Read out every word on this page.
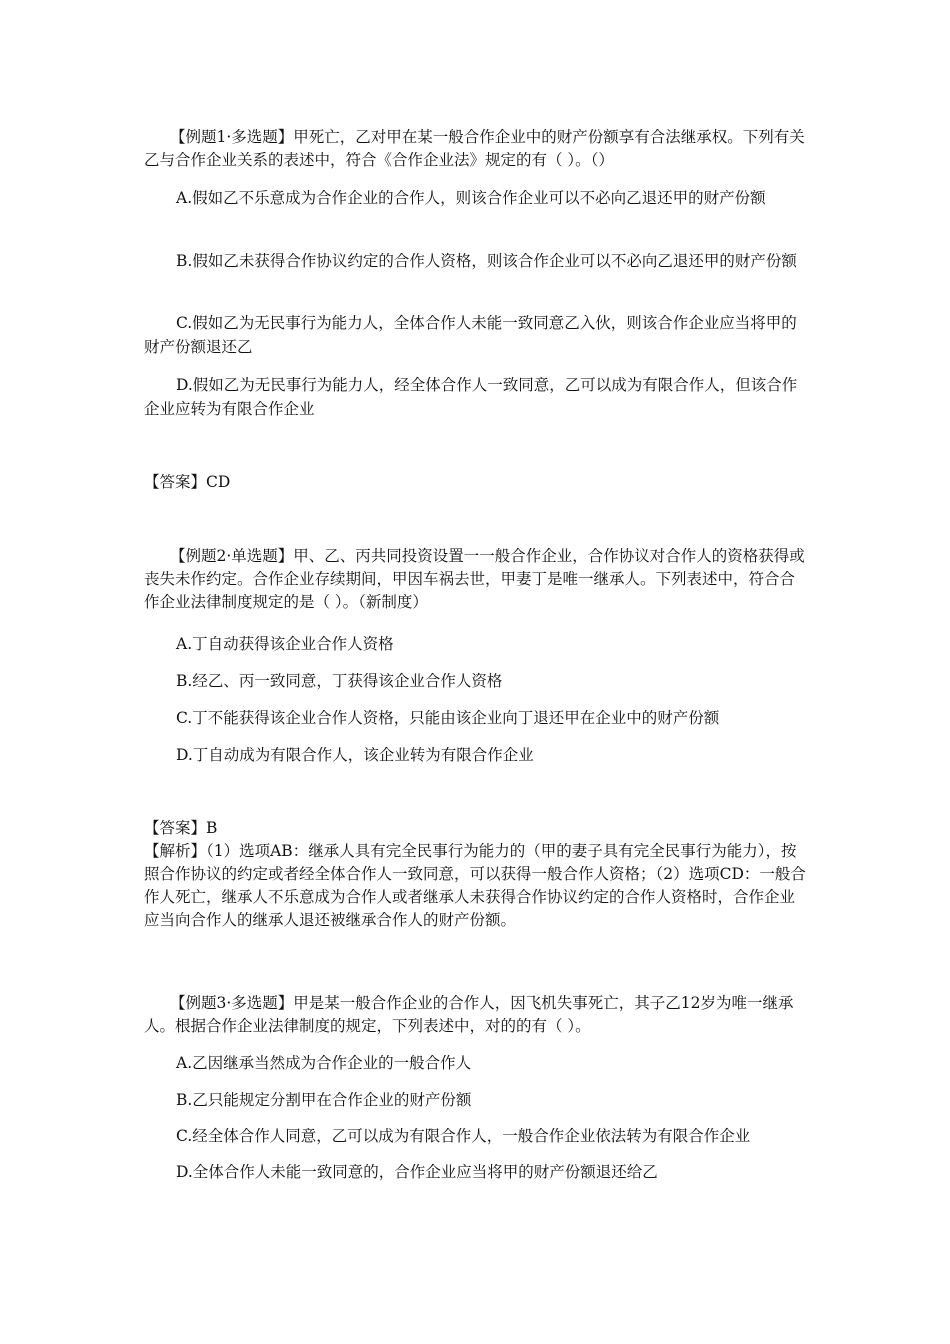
【例题1·多选题】甲死亡，乙对甲在某一般合作企业中的财产份额享有合法继承权。下列有关乙与合作企业关系的表述中，符合《合作企业法》规定的有（ ）。（）

A.假如乙不乐意成为合作企业的合作人，则该合作企业可以不必向乙退还甲的财产份额

B.假如乙未获得合作协议约定的合作人资格，则该合作企业可以不必向乙退还甲的财产份额

C.假如乙为无民事行为能力人，全体合作人未能一致同意乙入伙，则该合作企业应当将甲的财产份额退还乙

D.假如乙为无民事行为能力人，经全体合作人一致同意，乙可以成为有限合作人，但该合作企业应转为有限合作企业

【答案】CD

【例题2·单选题】甲、乙、丙共同投资设置一一般合作企业，合作协议对合作人的资格获得或丧失未作约定。合作企业存续期间，甲因车祸去世，甲妻丁是唯一继承人。下列表述中，符合合作企业法律制度规定的是（ ）。（新制度）

A.丁自动获得该企业合作人资格

B.经乙、丙一致同意，丁获得该企业合作人资格

C.丁不能获得该企业合作人资格，只能由该企业向丁退还甲在企业中的财产份额

D.丁自动成为有限合作人，该企业转为有限合作企业

【答案】B

【解析】（1）选项AB：继承人具有完全民事行为能力的（甲的妻子具有完全民事行为能力），按照合作协议的约定或者经全体合作人一致同意，可以获得一般合作人资格；（2）选项CD：一般合作人死亡，继承人不乐意成为合作人或者继承人未获得合作协议约定的合作人资格时，合作企业应当向合作人的继承人退还被继承合作人的财产份额。

【例题3·多选题】甲是某一般合作企业的合作人，因飞机失事死亡，其子乙12岁为唯一继承人。根据合作企业法律制度的规定，下列表述中，对的的有（ ）。

A.乙因继承当然成为合作企业的一般合作人

B.乙只能规定分割甲在合作企业的财产份额

C.经全体合作人同意，乙可以成为有限合作人，一般合作企业依法转为有限合作企业

D.全体合作人未能一致同意的，合作企业应当将甲的财产份额退还给乙
